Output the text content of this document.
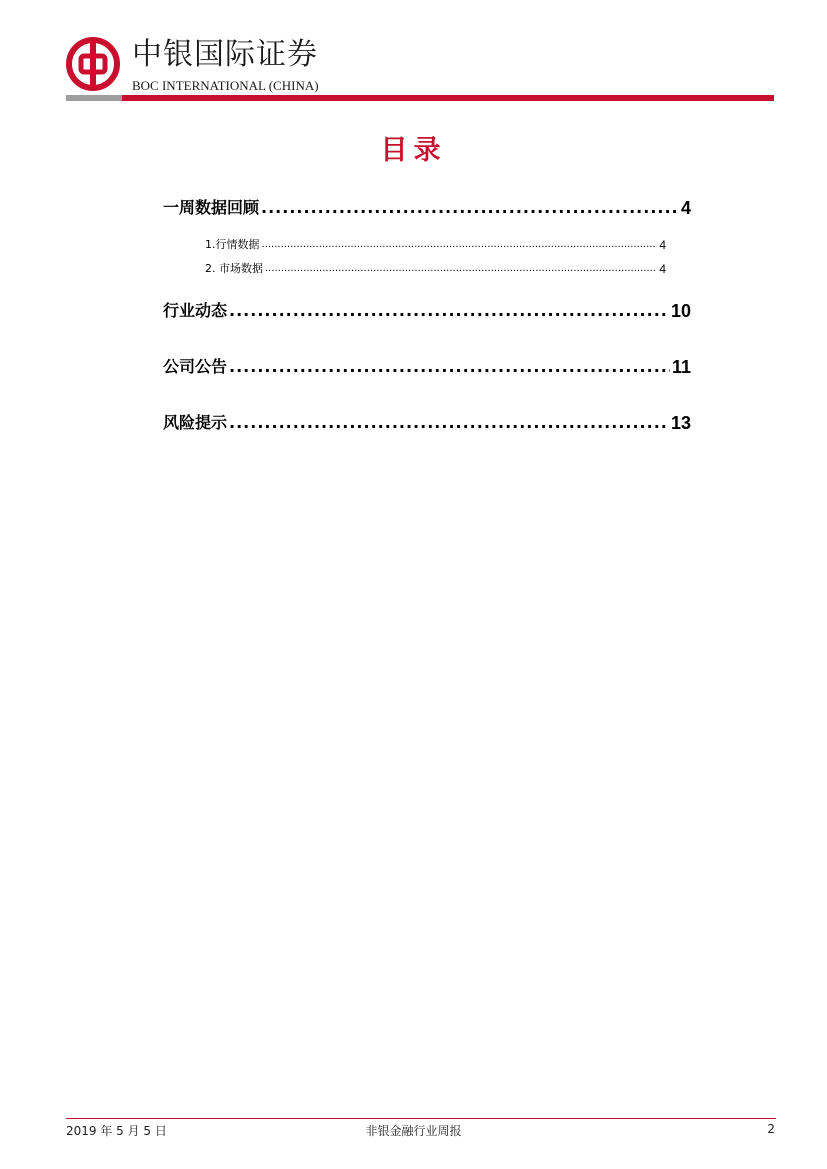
中银国际证券
BOC INTERNATIONAL (CHINA)
目录
一周数据回顾 .....	4
1.行情数据 .....	4
2. 市场数据 .....	4
行业动态 .....	10
公司公告 .....	11
风险提示 .....	13
2019 年 5 月 5 日	非银金融行业周报	2
